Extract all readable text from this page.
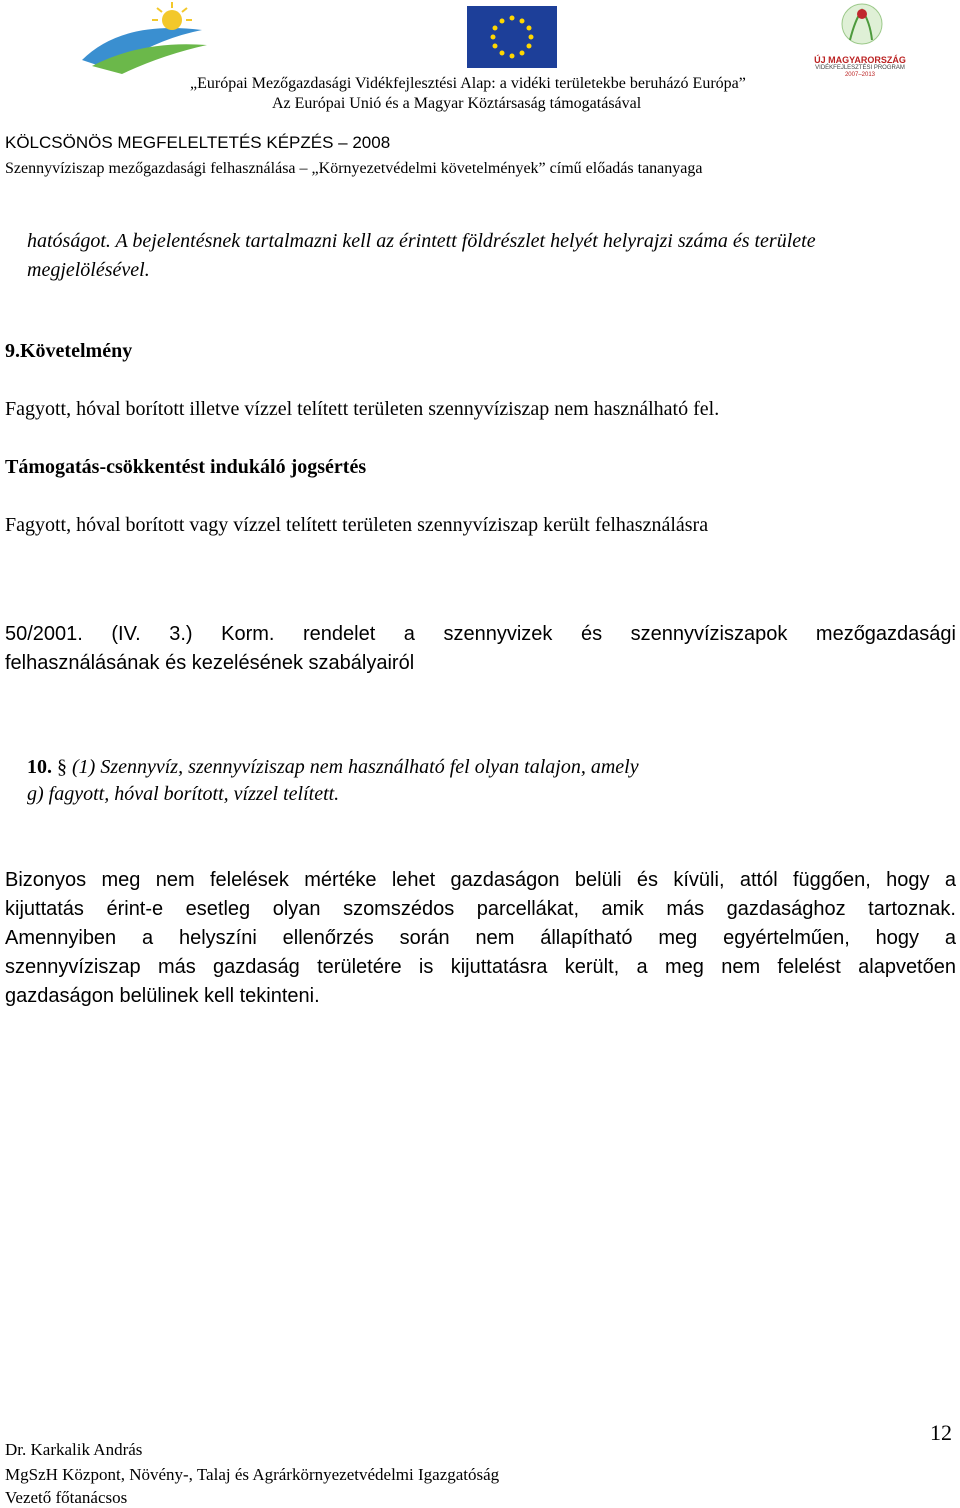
ÚJ MAGYARORSZÁG
VIDÉKFEJLESZTÉSI PROGRAM
2007–2013
„Európai Mezőgazdasági Vidékfejlesztési Alap: a vidéki területekbe beruházó Európa”
Az Európai Unió és a Magyar Köztársaság támogatásával
KÖLCSÖNÖS MEGFELELTETÉS KÉPZÉS – 2008
Szennyvíziszap mezőgazdasági felhasználása – „Környezetvédelmi követelmények” című előadás tananyaga
hatóságot. A bejelentésnek tartalmazni kell az érintett földrészlet helyét helyrajzi száma és területe
megjelölésével.
9.Követelmény
Fagyott, hóval borított illetve vízzel telített területen szennyvíziszap nem használható fel.
Támogatás-csökkentést indukáló jogsértés
Fagyott, hóval borított vagy vízzel telített területen szennyvíziszap került felhasználásra
50/2001. (IV. 3.) Korm. rendelet a szennyvizek és szennyvíziszapok mezőgazdasági
felhasználásának és kezelésének szabályairól
10. § (1) Szennyvíz, szennyvíziszap nem használható fel olyan talajon, amely
g) fagyott, hóval borított, vízzel telített.
Bizonyos meg nem felelések mértéke lehet gazdaságon belüli és kívüli, attól függően, hogy a
kijuttatás érint-e esetleg olyan szomszédos parcellákat, amik más gazdasághoz tartoznak.
Amennyiben a helyszíni ellenőrzés során nem állapítható meg egyértelműen, hogy a
szennyvíziszap más gazdaság területére is kijuttatásra került, a meg nem felelést alapvetően
gazdaságon belülinek kell tekinteni.
12
Dr. Karkalik András
MgSzH Központ, Növény-, Talaj és Agrárkörnyezetvédelmi Igazgatóság
Vezető főtanácsos
